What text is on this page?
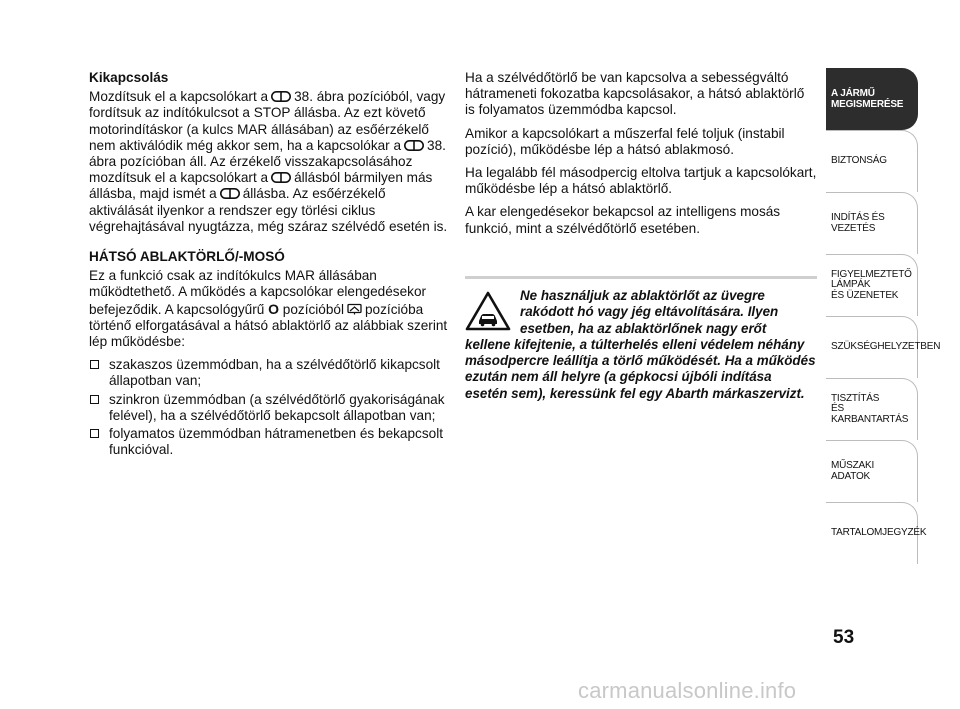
Kikapcsolás

Mozdítsuk el a kapcsolókart a 38. ábra pozícióból, vagy fordítsuk az indítókulcsot a STOP állásba. Az ezt követő motorindításkor (a kulcs MAR állásában) az esőérzékelő nem aktiválódik még akkor sem, ha a kapcsolókar a 38. ábra pozícióban áll. Az érzékelő visszakapcsolásához mozdítsuk el a kapcsolókart a állásból bármilyen más állásba, majd ismét a állásba. Az esőérzékelő aktiválását ilyenkor a rendszer egy törlési ciklus végrehajtásával nyugtázza, még száraz szélvédő esetén is.

HÁTSÓ ABLAKTÖRLŐ/-MOSÓ

Ez a funkció csak az indítókulcs MAR állásában működtethető. A működés a kapcsolókar elengedésekor befejeződik. A kapcsológyűrű O pozícióból pozícióba történő elforgatásával a hátsó ablaktörlő az alábbiak szerint lép működésbe:

szakaszos üzemmódban, ha a szélvédőtörlő kikapcsolt állapotban van;
szinkron üzemmódban (a szélvédőtörlő gyakoriságának felével), ha a szélvédőtörlő bekapcsolt állapotban van;
folyamatos üzemmódban hátramenetben és bekapcsolt funkcióval.

Ha a szélvédőtörlő be van kapcsolva a sebességváltó hátrameneti fokozatba kapcsolásakor, a hátsó ablaktörlő is folyamatos üzemmódba kapcsol.

Amikor a kapcsolókart a műszerfal felé toljuk (instabil pozíció), működésbe lép a hátsó ablakmosó.

Ha legalább fél másodpercig eltolva tartjuk a kapcsolókart, működésbe lép a hátsó ablaktörlő.

A kar elengedésekor bekapcsol az intelligens mosás funkció, mint a szélvédőtörlő esetében.

Ne használjuk az ablaktörlőt az üvegre rakódott hó vagy jég eltávolítására. Ilyen esetben, ha az ablaktörlőnek nagy erőt
kellene kifejtenie, a túlterhelés elleni védelem néhány másodpercre leállítja a törlő működését. Ha a működés ezután nem áll helyre (a gépkocsi újbóli indítása esetén sem), keressünk fel egy Abarth márkaszervizt.

A JÁRMŰ
MEGISMERÉSE
BIZTONSÁG
INDÍTÁS ÉS VEZETÉS
FIGYELMEZTETŐ
LÁMPÁK
ÉS ÜZENETEK
SZÜKSÉGHELYZETBEN
TISZTÍTÁS
ÉS KARBANTARTÁS
MŰSZAKI ADATOK
TARTALOMJEGYZÉK
53
carmanualsonline.info
